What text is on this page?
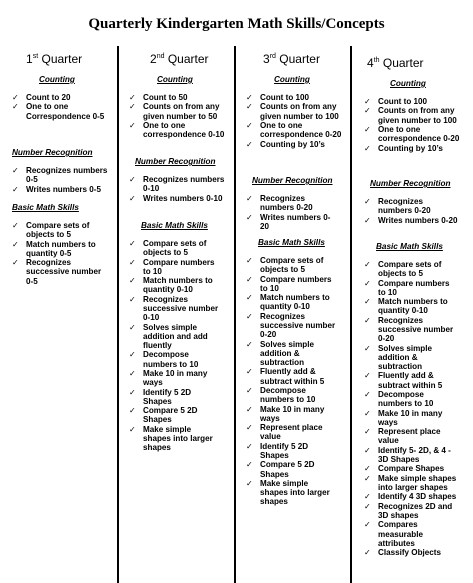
Quarterly Kindergarten Math Skills/Concepts
1st Quarter
Counting
✓ Count to 20
✓ One to one Correspondence 0-5
Number Recognition
✓ Recognizes numbers 0-5
✓ Writes numbers 0-5
Basic Math Skills
✓ Compare sets of objects to 5
✓ Match numbers to quantity 0-5
✓ Recognizes successive number 0-5
2nd Quarter
Counting
✓ Count to 50
✓ Counts on from any given number to 50
✓ One to one correspondence 0-10
Number Recognition
✓ Recognizes numbers 0-10
✓ Writes numbers 0-10
Basic Math Skills
✓ Compare sets of objects to 5
✓ Compare numbers to 10
✓ Match numbers to quantity 0-10
✓ Recognizes successive number 0-10
✓ Solves simple addition and add fluently
✓ Decompose numbers to 10
✓ Make 10 in many ways
✓ Identify 5 2D Shapes
✓ Compare 5 2D Shapes
✓ Make simple shapes into larger shapes
3rd Quarter
Counting
✓ Count to 100
✓ Counts on from any given number to 100
✓ One to one correspondence 0-20
✓ Counting by 10’s
Number Recognition
✓ Recognizes numbers 0-20
✓ Writes numbers 0-20
Basic Math Skills
✓ Compare sets of objects to 5
✓ Compare numbers to 10
✓ Match numbers to quantity 0-10
✓ Recognizes successive number 0-20
✓ Solves simple addition & subtraction
✓ Fluently add & subtract within 5
✓ Decompose numbers to 10
✓ Make 10 in many ways
✓ Represent place value
✓ Identify 5 2D Shapes
✓ Compare 5 2D Shapes
✓ Make simple shapes into larger shapes
4th Quarter
Counting
✓ Count to 100
✓ Counts on from any given number to 100
✓ One to one correspondence 0-20
✓ Counting by 10’s
Number Recognition
✓ Recognizes numbers 0-20
✓ Writes numbers 0-20
Basic Math Skills
✓ Compare sets of objects to 5
✓ Compare numbers to 10
✓ Match numbers to quantity 0-10
✓ Recognizes successive number 0-20
✓ Solves simple addition & subtraction
✓ Fluently add & subtract within 5
✓ Decompose numbers to 10
✓ Make 10 in many ways
✓ Represent place value
✓ Identify 5- 2D, & 4 - 3D Shapes
✓ Compare Shapes
✓ Make simple shapes into larger shapes
✓ Identify 4 3D shapes
✓ Recognizes 2D and 3D shapes
✓ Compares measurable attributes
✓ Classify Objects
